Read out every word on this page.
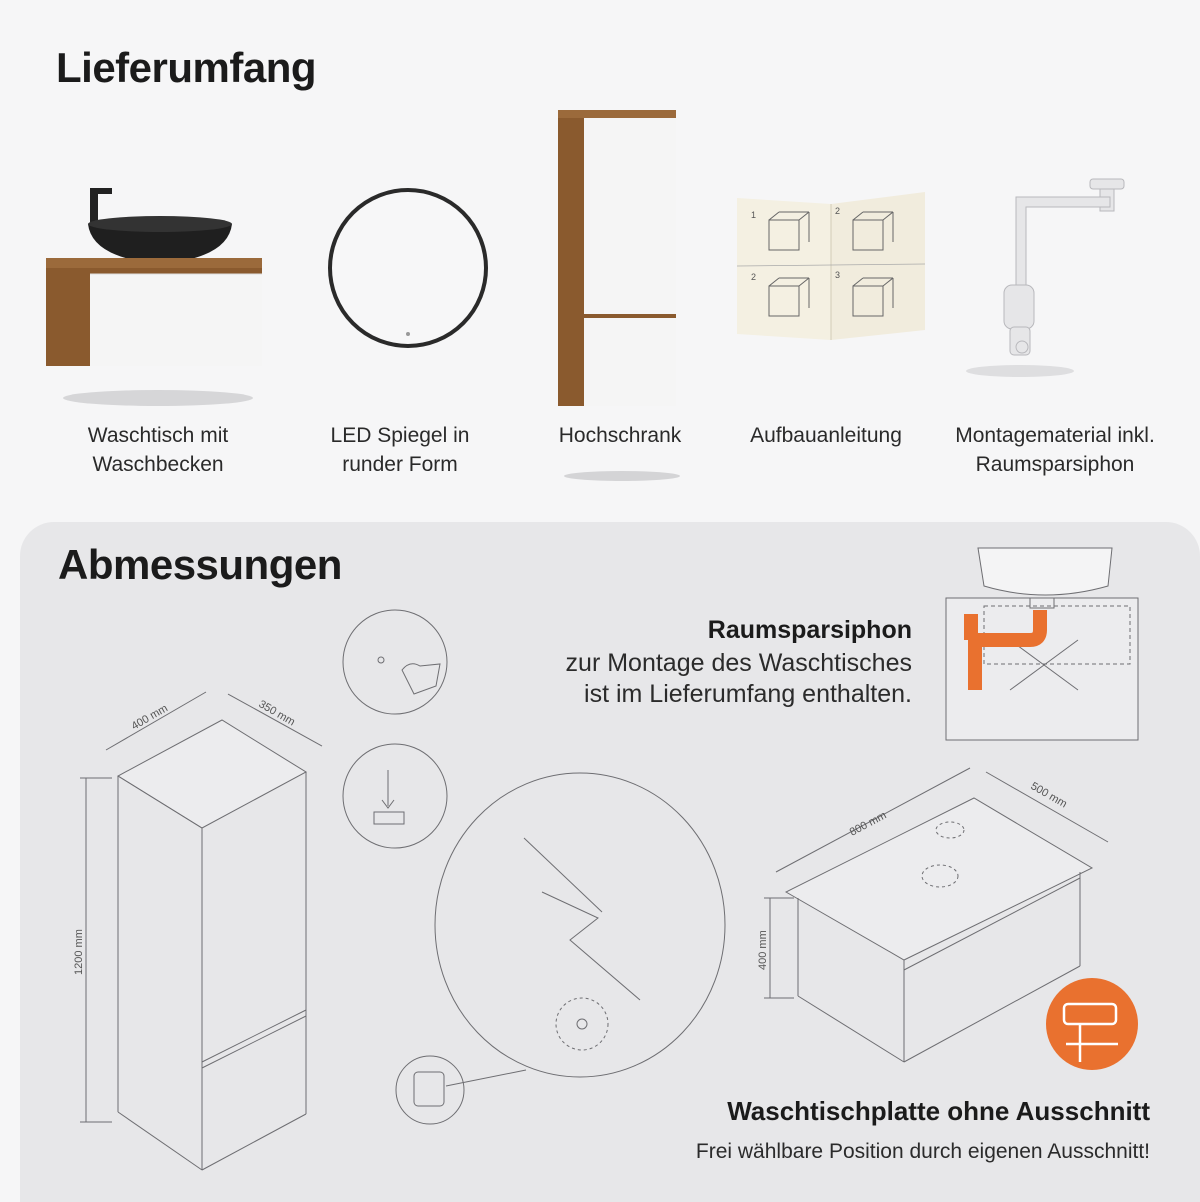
Lieferumfang
Waschtisch mit Waschbecken
LED Spiegel in runder Form
Hochschrank
1	2
2	3
Aufbauanleitung	Montagematerial inkl. Raumsparsiphon
Abmessungen
400 mm	350 mm
1200 mm
800 mm
500 mm
400 mm
Raumsparsiphon
zur Montage des Waschtisches
ist im Lieferumfang enthalten.
Waschtischplatte ohne Ausschnitt
Frei wählbare Position durch eigenen Ausschnitt!
